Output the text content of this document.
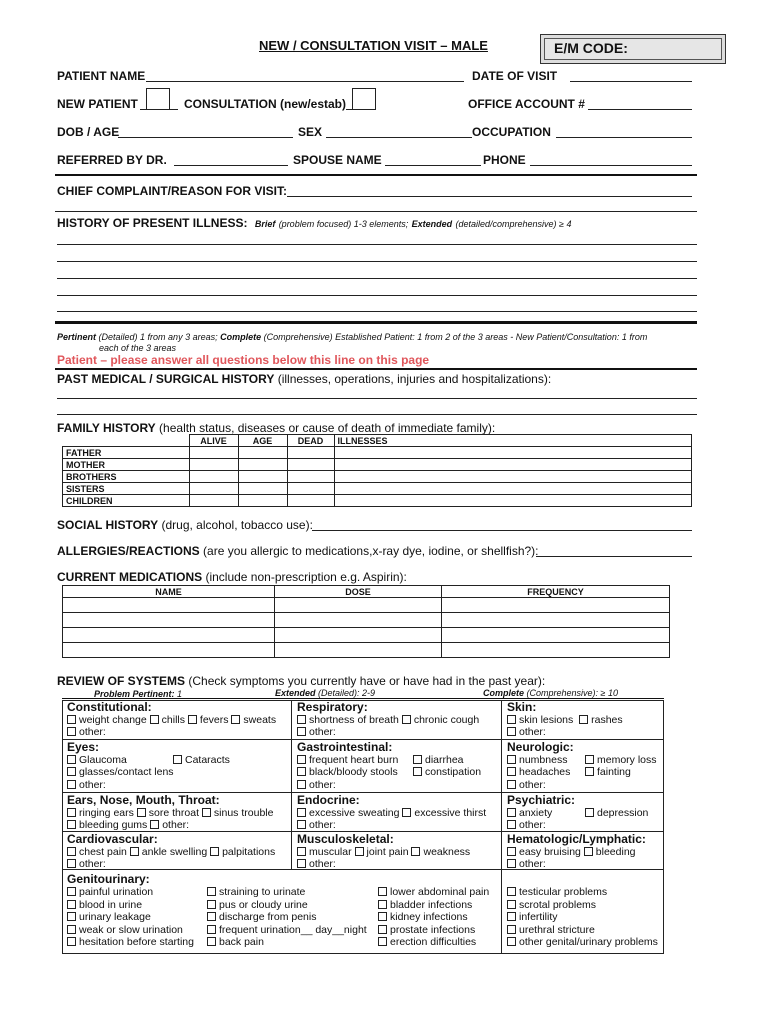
NEW / CONSULTATION VISIT – MALE	E/M CODE:
PATIENT NAME	DATE OF VISIT
NEW PATIENT	CONSULTATION (new/estab)	OFFICE ACCOUNT #
DOB / AGE	SEX	OCCUPATION
REFERRED BY DR.	SPOUSE NAME	PHONE
CHIEF COMPLAINT/REASON FOR VISIT:
HISTORY OF PRESENT ILLNESS: Brief (problem focused) 1-3 elements; Extended (detailed/comprehensive) ≥ 4
Pertinent (Detailed) 1 from any 3 areas; Complete (Comprehensive) Established Patient: 1 from 2 of the 3 areas - New Patient/Consultation: 1 from
each of the 3 areas
Patient – please answer all questions below this line on this page
PAST MEDICAL / SURGICAL HISTORY (illnesses, operations, injuries and hospitalizations):
FAMILY HISTORY (health status, diseases or cause of death of immediate family):
	ALIVE	AGE	DEAD	ILLNESSES
FATHER				
MOTHER				
BROTHERS				
SISTERS				
CHILDREN				
SOCIAL HISTORY (drug, alcohol, tobacco use):
ALLERGIES/REACTIONS (are you allergic to medications,x-ray dye, iodine, or shellfish?):
CURRENT MEDICATIONS (include non-prescription e.g. Aspirin):
NAME	DOSE	FREQUENCY

REVIEW OF SYSTEMS (Check symptoms you currently have or have had in the past year):
Problem Pertinent: 1	Extended (Detailed): 2-9	Complete (Comprehensive): ≥ 10
Constitutional:
weight change chills fevers sweats
other:
Respiratory:
shortness of breath chronic cough
other:
Skin:
skin lesions rashes
other:
Eyes:
Glaucoma	Cataracts
glasses/contact lens
other:
Gastrointestinal:
frequent heart burn	diarrhea
black/bloody stools	constipation
other:
Neurologic:
numbness	memory loss
headaches	fainting
other:
Ears, Nose, Mouth, Throat:
ringing ears sore throat sinus trouble
bleeding gums other:
Endocrine:
excessive sweating excessive thirst
other:
Psychiatric:
anxiety	depression
other:
Cardiovascular:
chest pain ankle swelling palpitations
other:
Musculoskeletal:
muscular joint pain weakness
other:
Hematologic/Lymphatic:
easy bruising bleeding
other:
Genitourinary:
painful urination
blood in urine
urinary leakage
weak or slow urination
hesitation before starting
straining to urinate
pus or cloudy urine
discharge from penis
frequent urination__ day__night
back pain
lower abdominal pain
bladder infections
kidney infections
prostate infections
erection difficulties
testicular problems
scrotal problems
infertility
urethral stricture
other genital/urinary problems
